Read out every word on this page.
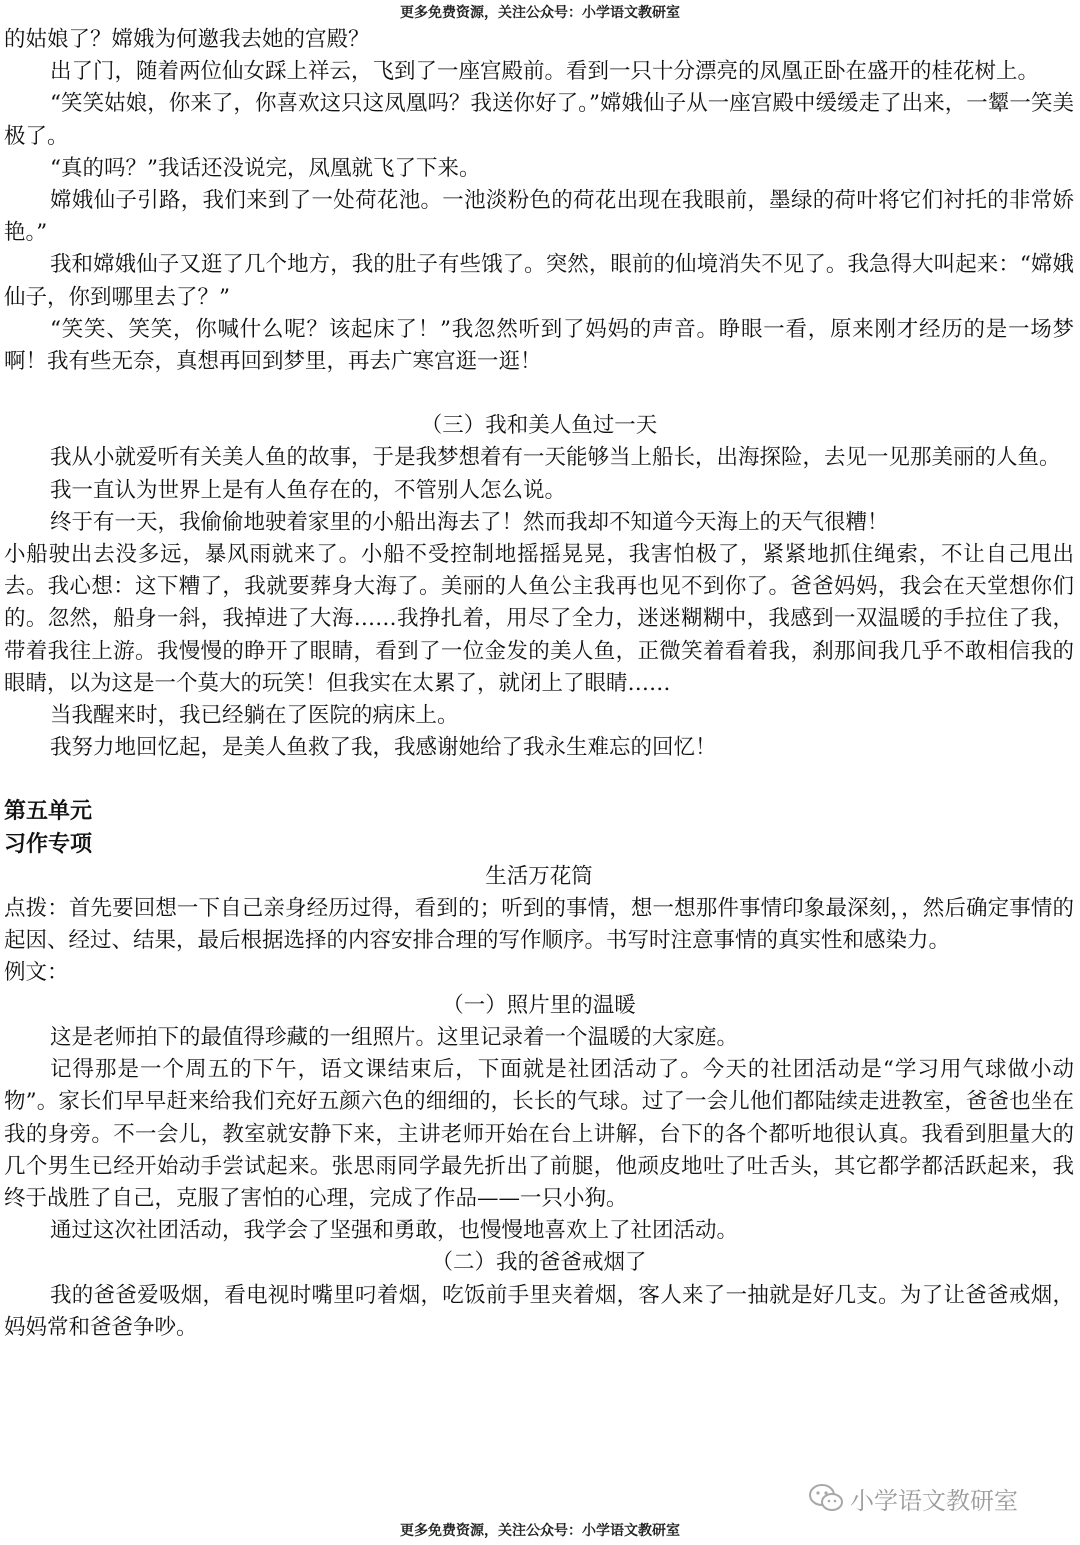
更多免费资源，关注公众号：小学语文教研室

的姑娘了？嫦娥为何邀我去她的宫殿？

出了门，随着两位仙女踩上祥云，飞到了一座宫殿前。看到一只十分漂亮的凤凰正卧在盛开的桂花树上。

“笑笑姑娘，你来了，你喜欢这只这凤凰吗？我送你好了。”嫦娥仙子从一座宫殿中缓缓走了出来，一颦一笑美极了。

“真的吗？”我话还没说完，凤凰就飞了下来。

嫦娥仙子引路，我们来到了一处荷花池。一池淡粉色的荷花出现在我眼前，墨绿的荷叶将它们衬托的非常娇艳。”

我和嫦娥仙子又逛了几个地方，我的肚子有些饿了。突然，眼前的仙境消失不见了。我急得大叫起来：“嫦娥仙子，你到哪里去了？”

“笑笑、笑笑，你喊什么呢？该起床了！”我忽然听到了妈妈的声音。睁眼一看，原来刚才经历的是一场梦啊！我有些无奈，真想再回到梦里，再去广寒宫逛一逛！

（三）我和美人鱼过一天

我从小就爱听有关美人鱼的故事，于是我梦想着有一天能够当上船长，出海探险，去见一见那美丽的人鱼。

我一直认为世界上是有人鱼存在的，不管别人怎么说。

终于有一天，我偷偷地驶着家里的小船出海去了！然而我却不知道今天海上的天气很糟！

小船驶出去没多远，暴风雨就来了。小船不受控制地摇摇晃晃，我害怕极了，紧紧地抓住绳索，不让自己甩出去。我心想：这下糟了，我就要葬身大海了。美丽的人鱼公主我再也见不到你了。爸爸妈妈，我会在天堂想你们的。忽然，船身一斜，我掉进了大海……我挣扎着，用尽了全力，迷迷糊糊中，我感到一双温暖的手拉住了我，带着我往上游。我慢慢的睁开了眼睛，看到了一位金发的美人鱼，正微笑着看着我，刹那间我几乎不敢相信我的眼睛，以为这是一个莫大的玩笑！但我实在太累了，就闭上了眼睛……

当我醒来时，我已经躺在了医院的病床上。

我努力地回忆起，是美人鱼救了我，我感谢她给了我永生难忘的回忆！

第五单元

习作专项

生活万花筒

点拨：首先要回想一下自己亲身经历过得，看到的；听到的事情，想一想那件事情印象最深刻，，然后确定事情的起因、经过、结果，最后根据选择的内容安排合理的写作顺序。书写时注意事情的真实性和感染力。

例文：

（一）照片里的温暖

这是老师拍下的最值得珍藏的一组照片。这里记录着一个温暖的大家庭。

记得那是一个周五的下午，语文课结束后，下面就是社团活动了。今天的社团活动是“学习用气球做小动物”。家长们早早赶来给我们充好五颜六色的细细的，长长的气球。过了一会儿他们都陆续走进教室，爸爸也坐在我的身旁。不一会儿，教室就安静下来，主讲老师开始在台上讲解，台下的各个都听地很认真。我看到胆量大的几个男生已经开始动手尝试起来。张思雨同学最先折出了前腿，他顽皮地吐了吐舌头，其它都学都活跃起来，我终于战胜了自己，克服了害怕的心理，完成了作品——一只小狗。

通过这次社团活动，我学会了坚强和勇敢，也慢慢地喜欢上了社团活动。

（二）我的爸爸戒烟了

我的爸爸爱吸烟，看电视时嘴里叼着烟，吃饭前手里夹着烟，客人来了一抽就是好几支。为了让爸爸戒烟，妈妈常和爸爸争吵。

小学语文教研室
更多免费资源，关注公众号：小学语文教研室
